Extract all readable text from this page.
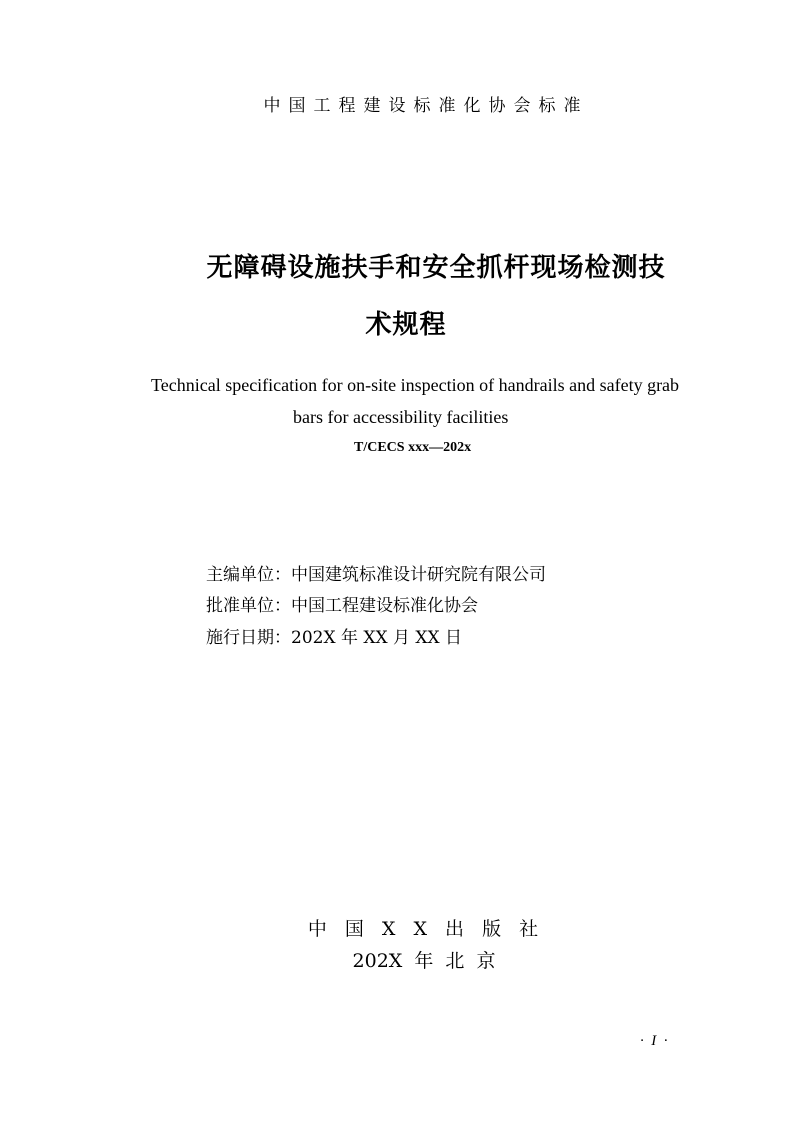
中国工程建设标准化协会标准
无障碍设施扶手和安全抓杆现场检测技
术规程
Technical specification for on-site inspection of handrails and safety grab
bars for accessibility facilities
T/CECS xxx—202x
主编单位：中国建筑标准设计研究院有限公司
批准单位：中国工程建设标准化协会
施行日期：202X 年 XX 月 XX 日
中 国 X X 出 版 社
202X 年 北 京
·  I  ·
